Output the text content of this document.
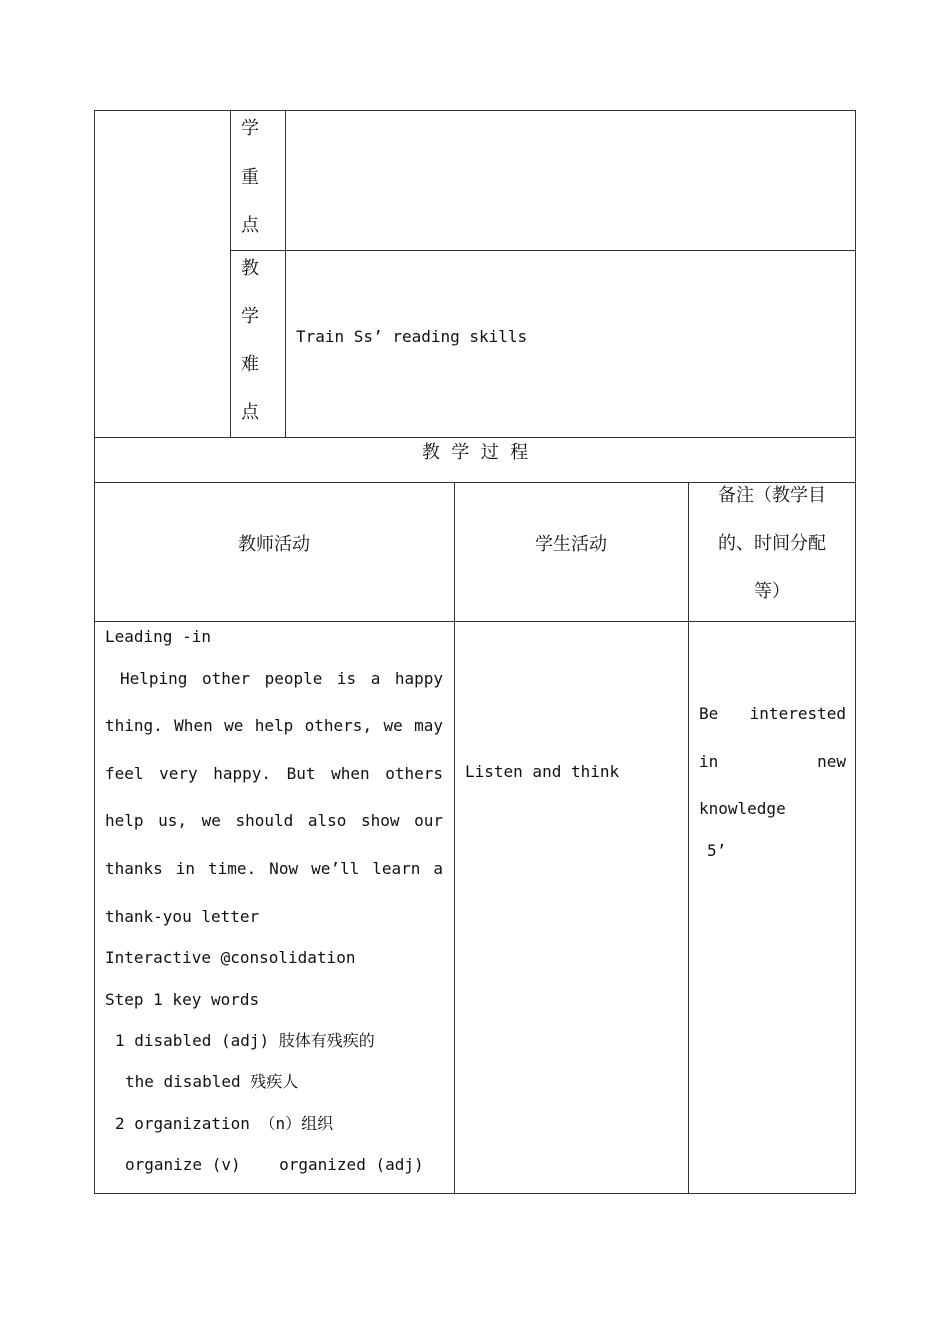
学
重
点
教
学
难
点
Train Ss’ reading skills
教  学  过  程
教师活动	学生活动
备注（教学目
的、时间分配
等）
Leading -in
Helping other people is a happy
thing. When we help others, we may
feel very happy. But when others
help us, we should also show our
thanks in time. Now we’ll learn a
thank-you letter
Interactive @consolidation
Step 1 key words
1 disabled (adj) 肢体有残疾的
the disabled 残疾人
2 organization （n）组织
organize (v)    organized (adj)
Listen and think
Be interested
in new
knowledge
5’
